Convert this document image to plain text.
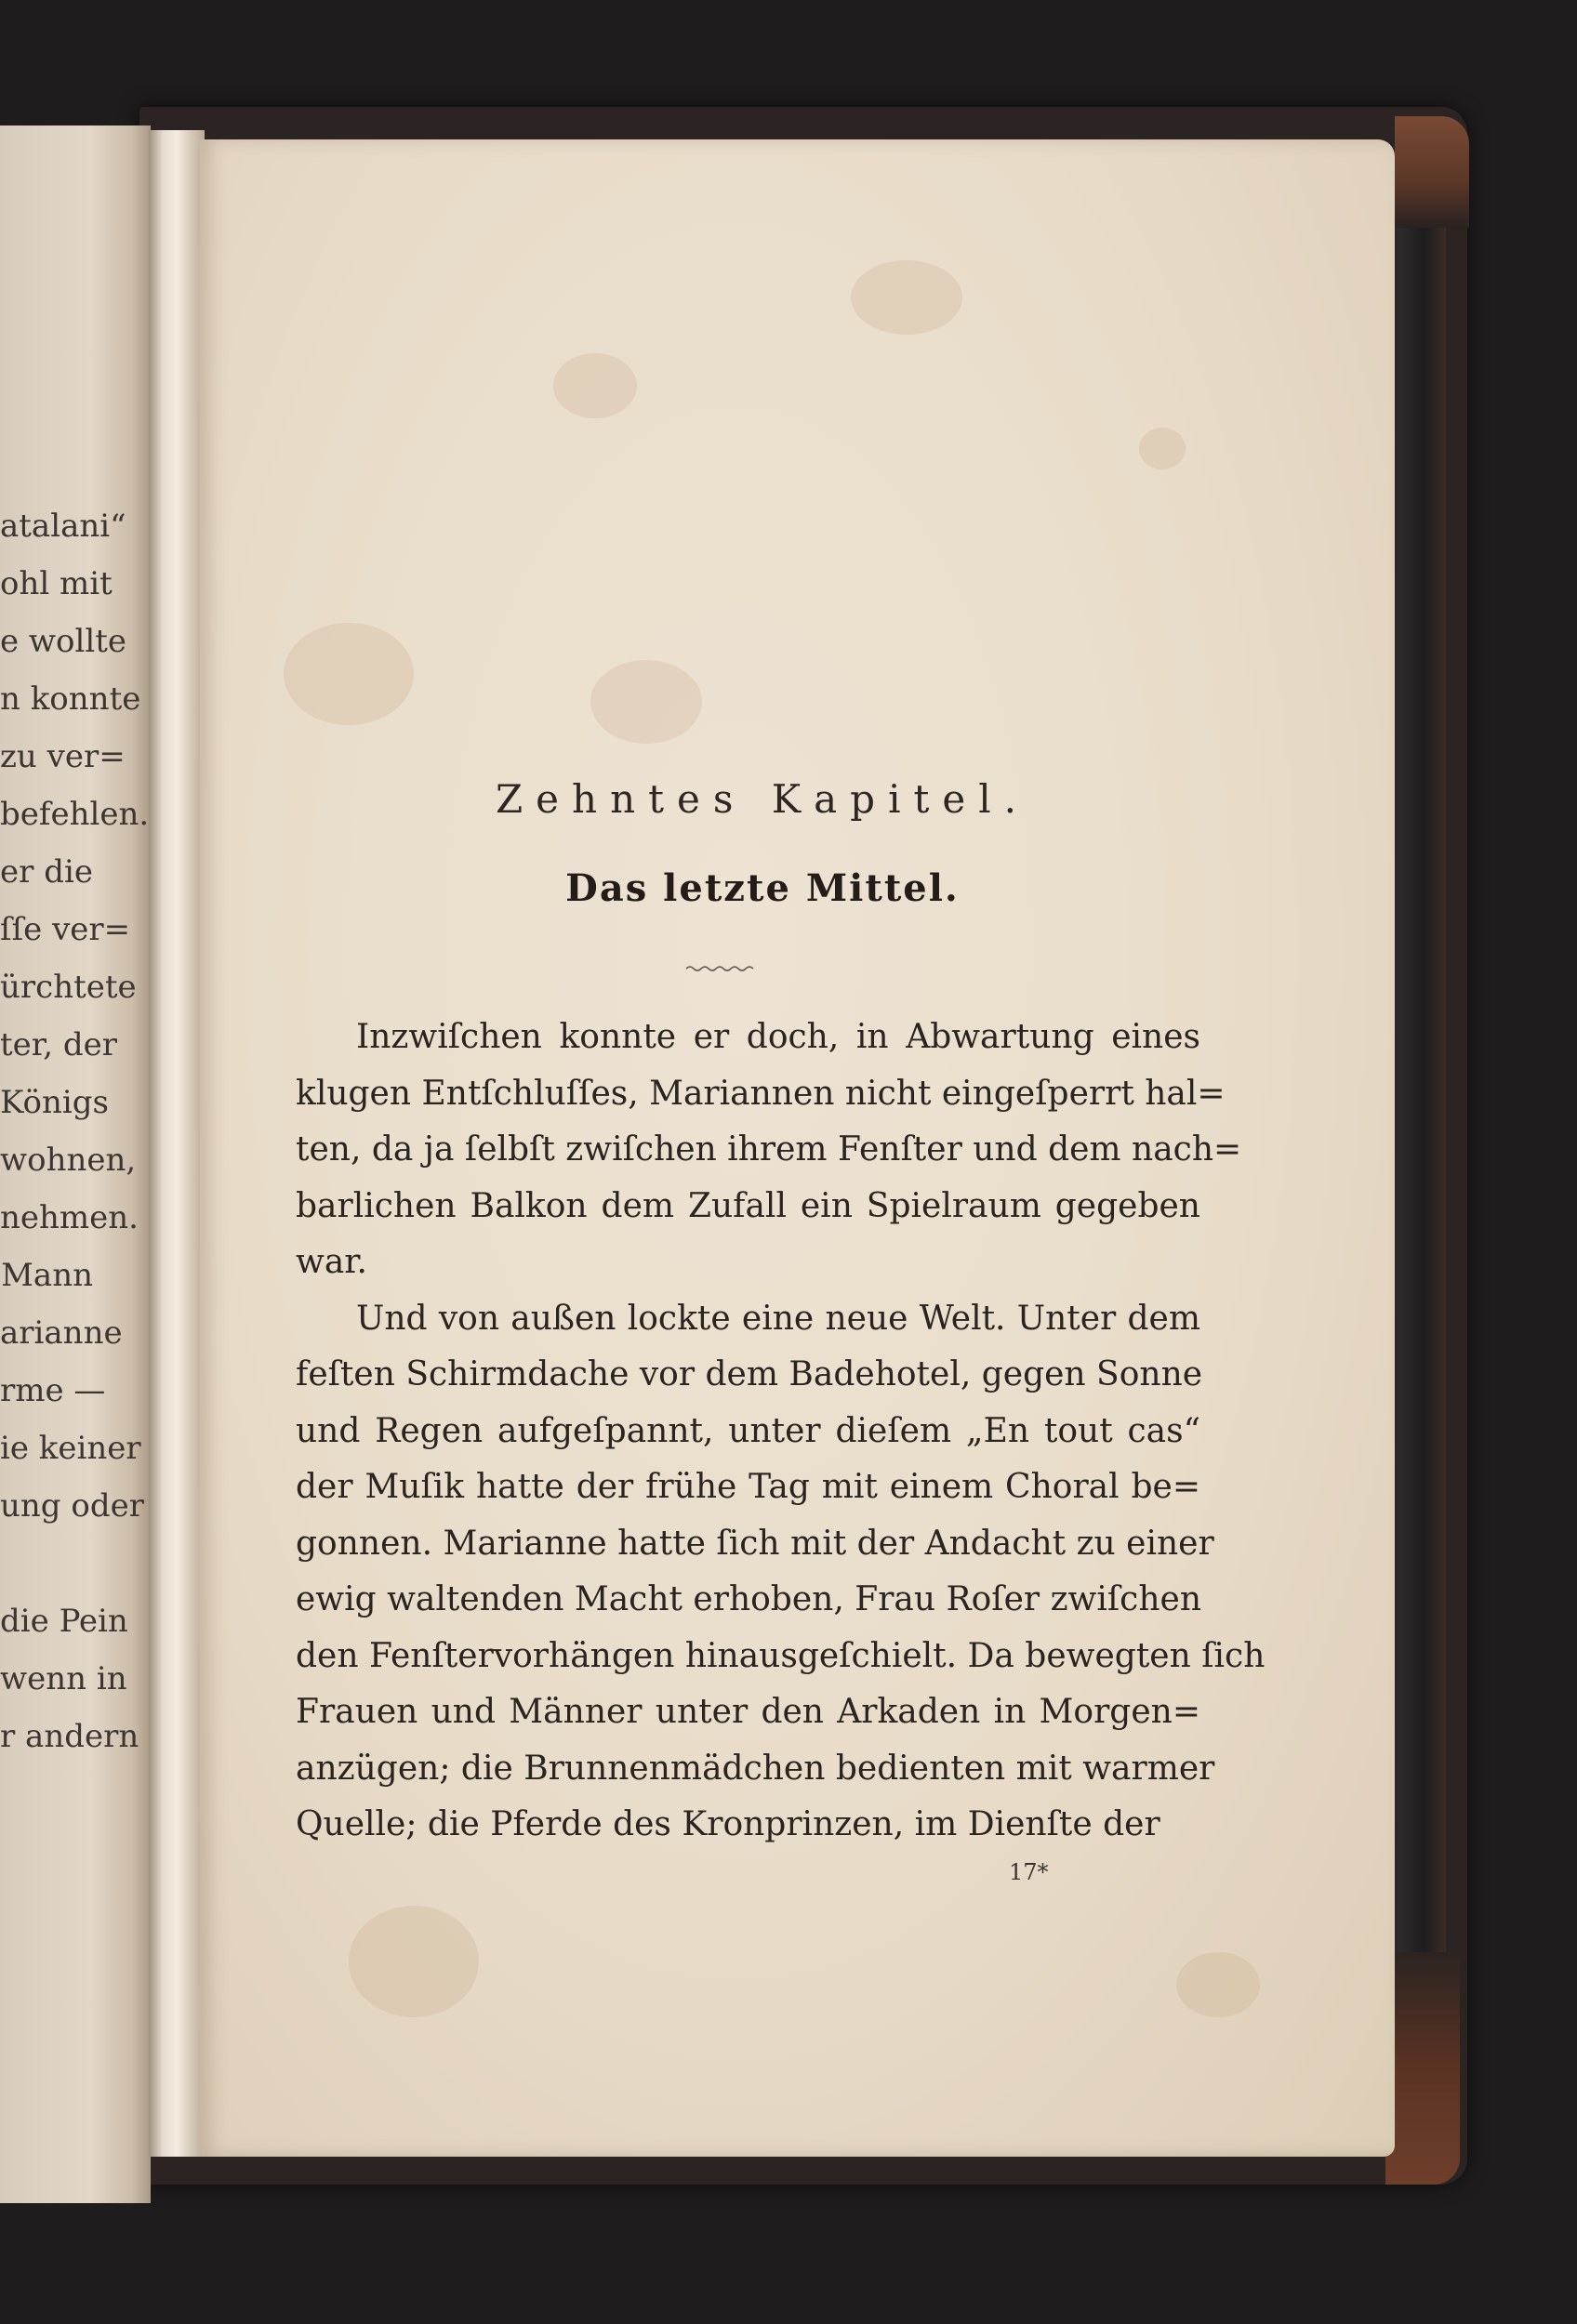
atalani“
ohl mit
e wollte
n konnte
zu ver=
befehlen.
er die
ſſe ver=
ürchtete
ter, der
Königs
wohnen,
nehmen.
Mann
arianne
rme —
ie keiner
ung oder
die Pein
wenn in
r andern
Zehntes Kapitel.
Das letzte Mittel.
Inzwiſchen konnte er doch, in Abwartung eines
klugen Entſchluſſes, Mariannen nicht eingeſperrt hal=
ten, da ja ſelbſt zwiſchen ihrem Fenſter und dem nach=
barlichen Balkon dem Zufall ein Spielraum gegeben
war.
Und von außen lockte eine neue Welt. Unter dem
feſten Schirmdache vor dem Badehotel, gegen Sonne
und Regen aufgeſpannt, unter dieſem „En tout cas“
der Muſik hatte der frühe Tag mit einem Choral be=
gonnen. Marianne hatte ſich mit der Andacht zu einer
ewig waltenden Macht erhoben, Frau Roſer zwiſchen
den Fenſtervorhängen hinausgeſchielt. Da bewegten ſich
Frauen und Männer unter den Arkaden in Morgen=
anzügen; die Brunnenmädchen bedienten mit warmer
Quelle; die Pferde des Kronprinzen, im Dienſte der
17*
